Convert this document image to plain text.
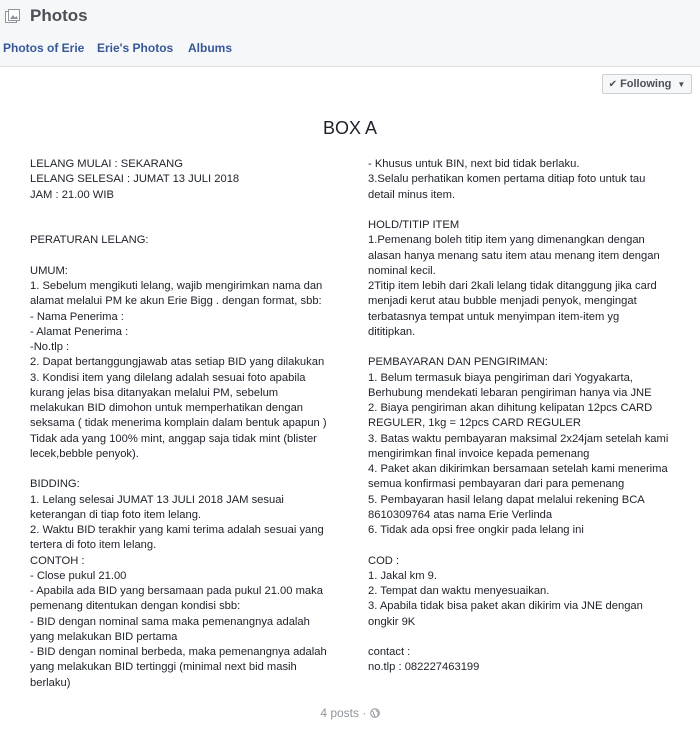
Photos
Photos of Erie Erie's Photos Albums
✔ Following ▼
BOX A
LELANG MULAI : SEKARANG
LELANG SELESAI : JUMAT 13 JULI 2018
JAM : 21.00 WIB
PERATURAN LELANG:
UMUM:
1. Sebelum mengikuti lelang, wajib mengirimkan nama dan
alamat melalui PM ke akun Erie Bigg . dengan format, sbb:
- Nama Penerima :
- Alamat Penerima :
-No.tlp :
2. Dapat bertanggungjawab atas setiap BID yang dilakukan
3. Kondisi item yang dilelang adalah sesuai foto apabila
kurang jelas bisa ditanyakan melalui PM, sebelum
melakukan BID dimohon untuk memperhatikan dengan
seksama ( tidak menerima komplain dalam bentuk apapun )
Tidak ada yang 100% mint, anggap saja tidak mint (blister
lecek,bebble penyok).
BIDDING:
1. Lelang selesai JUMAT 13 JULI 2018 JAM sesuai
keterangan di tiap foto item lelang.
2. Waktu BID terakhir yang kami terima adalah sesuai yang
tertera di foto item lelang.
CONTOH :
- Close pukul 21.00
- Apabila ada BID yang bersamaan pada pukul 21.00 maka
pemenang ditentukan dengan kondisi sbb:
- BID dengan nominal sama maka pemenangnya adalah
yang melakukan BID pertama
- BID dengan nominal berbeda, maka pemenangnya adalah
yang melakukan BID tertinggi (minimal next bid masih
berlaku)
- Khusus untuk BIN, next bid tidak berlaku.
3.Selalu perhatikan komen pertama ditiap foto untuk tau
detail minus item.
HOLD/TITIP ITEM
1.Pemenang boleh titip item yang dimenangkan dengan
alasan hanya menang satu item atau menang item dengan
nominal kecil.
2Titip item lebih dari 2kali lelang tidak ditanggung jika card
menjadi kerut atau bubble menjadi penyok, mengingat
terbatasnya tempat untuk menyimpan item-item yg
dititipkan.
PEMBAYARAN DAN PENGIRIMAN:
1. Belum termasuk biaya pengiriman dari Yogyakarta,
Berhubung mendekati lebaran pengiriman hanya via JNE
2. Biaya pengiriman akan dihitung kelipatan 12pcs CARD
REGULER, 1kg = 12pcs CARD REGULER
3. Batas waktu pembayaran maksimal 2x24jam setelah kami
mengirimkan final invoice kepada pemenang
4. Paket akan dikirimkan bersamaan setelah kami menerima
semua konfirmasi pembayaran dari para pemenang
5. Pembayaran hasil lelang dapat melalui rekening BCA
8610309764 atas nama Erie Verlinda
6. Tidak ada opsi free ongkir pada lelang ini
COD :
1. Jakal km 9.
2. Tempat dan waktu menyesuaikan.
3. Apabila tidak bisa paket akan dikirim via JNE dengan
ongkir 9K
contact :
no.tlp : 082227463199
4 posts ·
